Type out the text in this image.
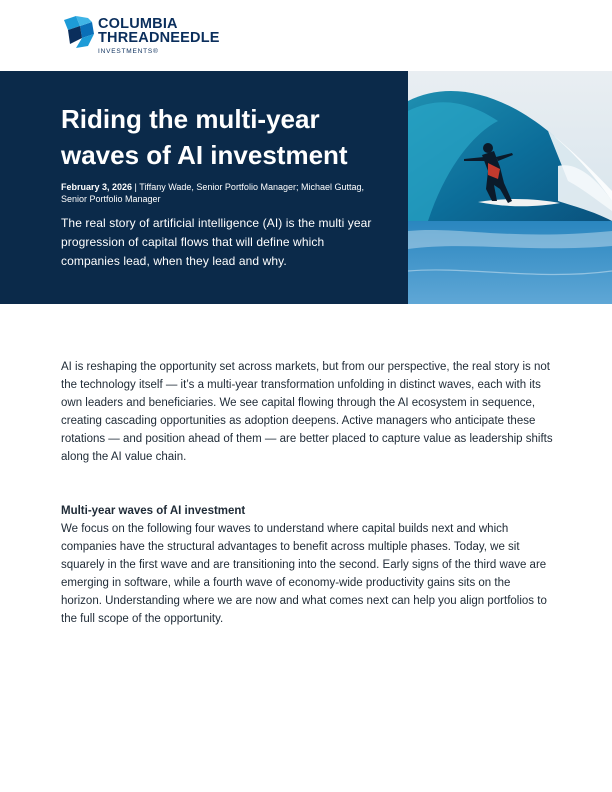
COLUMBIA
THREADNEEDLE
INVESTMENTS®
Riding the multi-year waves of AI investment

February 3, 2026 | Tiffany Wade, Senior Portfolio Manager; Michael Guttag, Senior Portfolio Manager

The real story of artificial intelligence (AI) is the multi year progression of capital flows that will define which companies lead, when they lead and why.

AI is reshaping the opportunity set across markets, but from our perspective, the real story is not the technology itself — it’s a multi-year transformation unfolding in distinct waves, each with its own leaders and beneficiaries. We see capital flowing through the AI ecosystem in sequence, creating cascading opportunities as adoption deepens. Active managers who anticipate these rotations — and position ahead of them — are better placed to capture value as leadership shifts along the AI value chain.

Multi-year waves of AI investment

We focus on the following four waves to understand where capital builds next and which companies have the structural advantages to benefit across multiple phases. Today, we sit squarely in the first wave and are transitioning into the second. Early signs of the third wave are emerging in software, while a fourth wave of economy-wide productivity gains sits on the horizon. Understanding where we are now and what comes next can help you align portfolios to the full scope of the opportunity.
